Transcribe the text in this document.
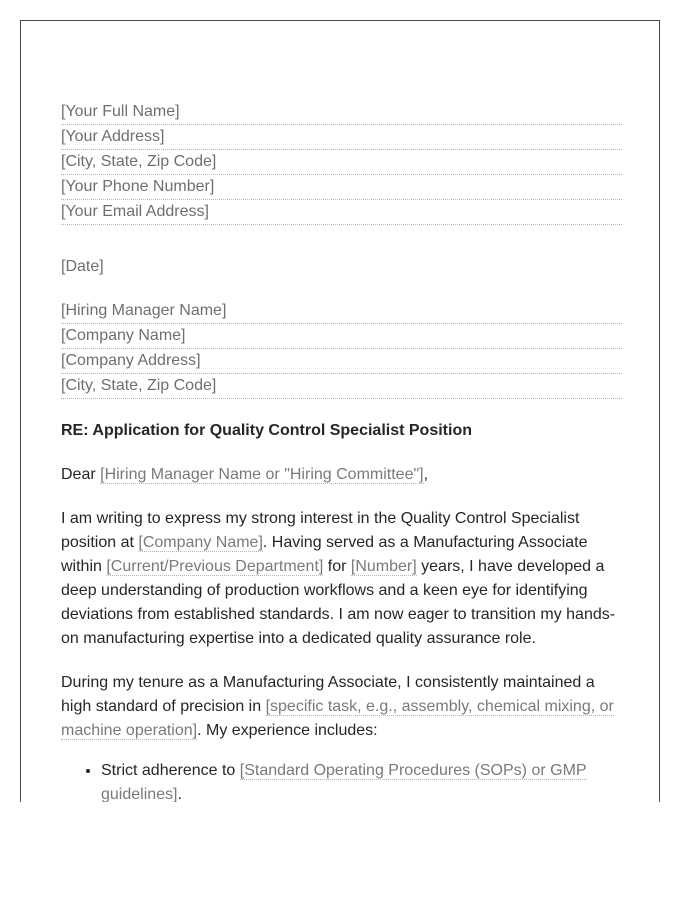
[Your Full Name]
[Your Address]
[City, State, Zip Code]
[Your Phone Number]
[Your Email Address]
[Date]
[Hiring Manager Name]
[Company Name]
[Company Address]
[City, State, Zip Code]
RE: Application for Quality Control Specialist Position
Dear [Hiring Manager Name or "Hiring Committee"],

I am writing to express my strong interest in the Quality Control Specialist position at [Company Name]. Having served as a Manufacturing Associate within [Current/Previous Department] for [Number] years, I have developed a deep understanding of production workflows and a keen eye for identifying deviations from established standards. I am now eager to transition my hands-on manufacturing expertise into a dedicated quality assurance role.

During my tenure as a Manufacturing Associate, I consistently maintained a high standard of precision in [specific task, e.g., assembly, chemical mixing, or machine operation]. My experience includes:

• Strict adherence to [Standard Operating Procedures (SOPs) or GMP guidelines].
